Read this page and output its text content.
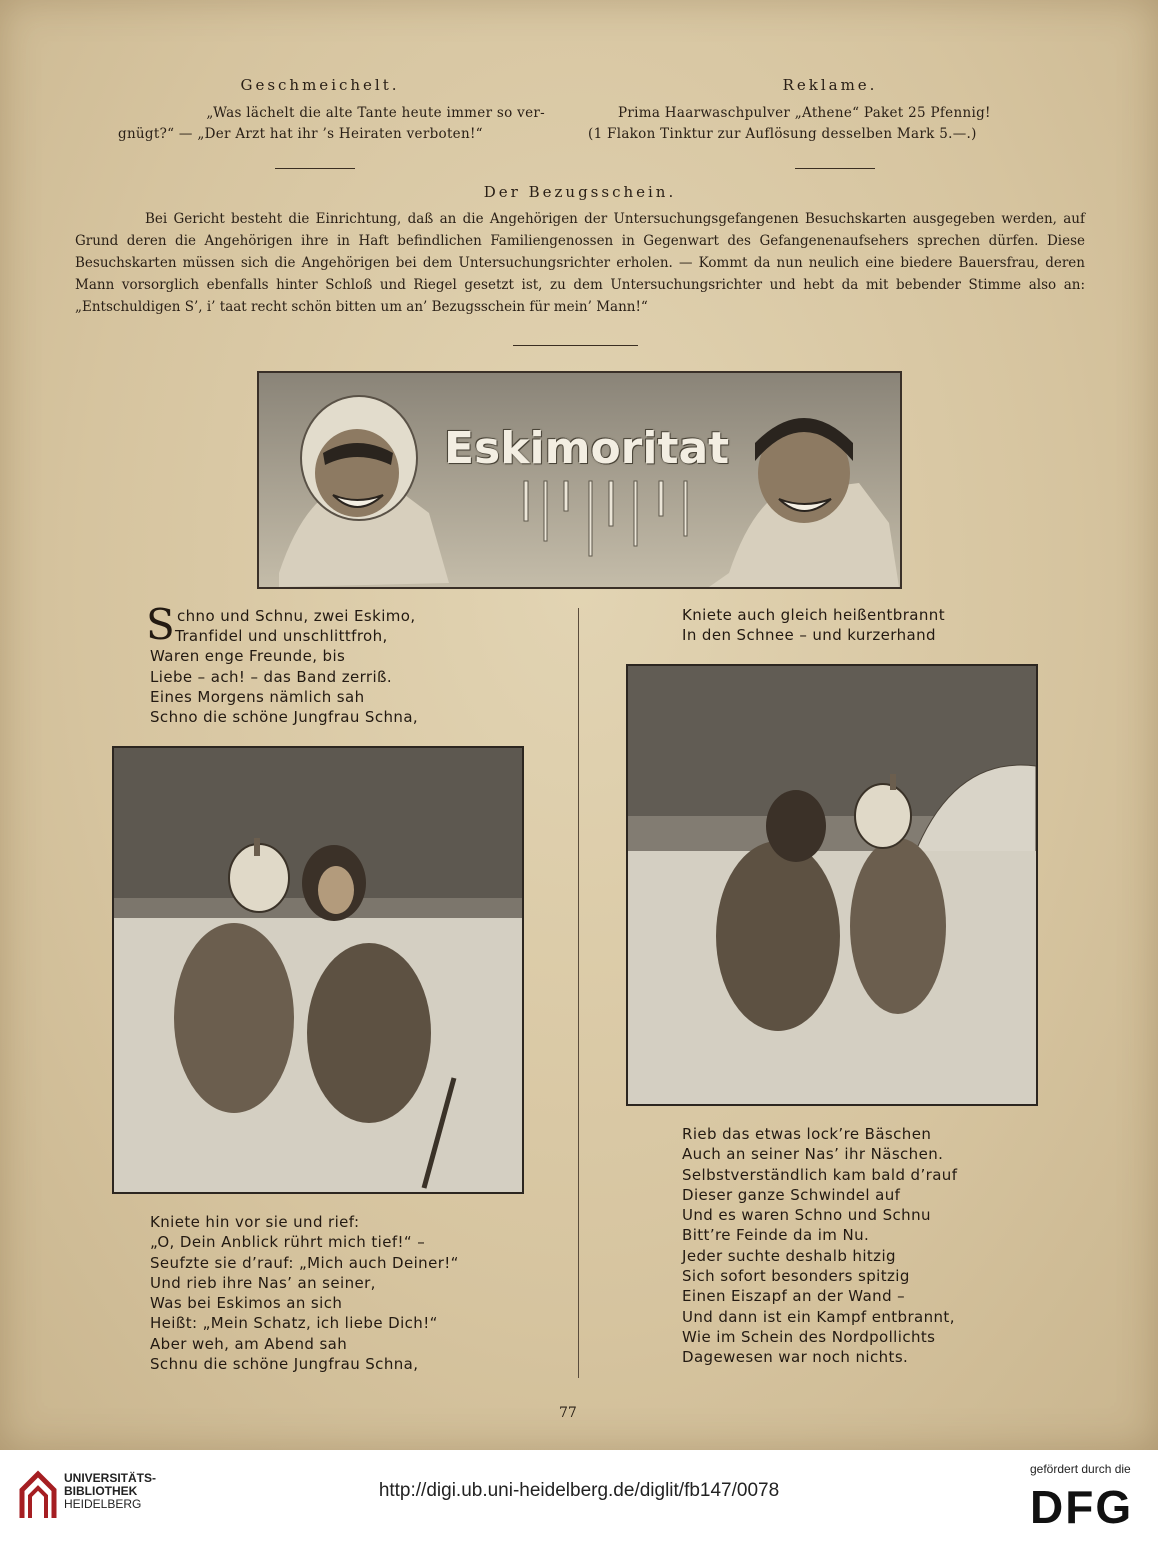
Geschmeichelt.
„Was lächelt die alte Tante heute immer so ver-
gnügt?“ — „Der Arzt hat ihr ’s Heiraten verboten!“
Reklame.
Prima Haarwaschpulver „Athene“ Paket 25 Pfennig!
(1 Flakon Tinktur zur Auflösung desselben Mark 5.—.)
Der Bezugsschein.

Bei Gericht besteht die Einrichtung, daß an die Angehörigen der Untersuchungsgefangenen Besuchskarten ausgegeben werden, auf Grund deren die Angehörigen ihre in Haft befindlichen Familiengenossen in Gegenwart des Gefangenenaufsehers sprechen dürfen. Diese Besuchskarten müssen sich die Angehörigen bei dem Untersuchungsrichter erholen. — Kommt da nun neulich eine biedere Bauersfrau, deren Mann vorsorglich ebenfalls hinter Schloß und Riegel gesetzt ist, zu dem Untersuchungsrichter und hebt da mit bebender Stimme also an: „Entschuldigen S’, i’ taat recht schön bitten um an’ Bezugsschein für mein’ Mann!“

Eskimoritat
S chno und Schnu, zwei Eskimo,
Tranfidel und unschlittfroh,
Waren enge Freunde, bis
Liebe – ach! – das Band zerriß.
Eines Morgens nämlich sah
Schno die schöne Jungfrau Schna,
Kniete hin vor sie und rief:
„O, Dein Anblick rührt mich tief!“ –
Seufzte sie d’rauf: „Mich auch Deiner!“
Und rieb ihre Nas’ an seiner,
Was bei Eskimos an sich
Heißt: „Mein Schatz, ich liebe Dich!“
Aber weh, am Abend sah
Schnu die schöne Jungfrau Schna,
Kniete auch gleich heißentbrannt
In den Schnee – und kurzerhand
Rieb das etwas lock’re Bäschen
Auch an seiner Nas’ ihr Näschen.
Selbstverständlich kam bald d’rauf
Dieser ganze Schwindel auf
Und es waren Schno und Schnu
Bitt’re Feinde da im Nu.
Jeder suchte deshalb hitzig
Sich sofort besonders spitzig
Einen Eiszapf an der Wand –
Und dann ist ein Kampf entbrannt,
Wie im Schein des Nordpollichts
Dagewesen war noch nichts.
77
UNIVERSITÄTS-
BIBLIOTHEK
HEIDELBERG
http://digi.ub.uni-heidelberg.de/diglit/fb147/0078
gefördert durch die
DFG
